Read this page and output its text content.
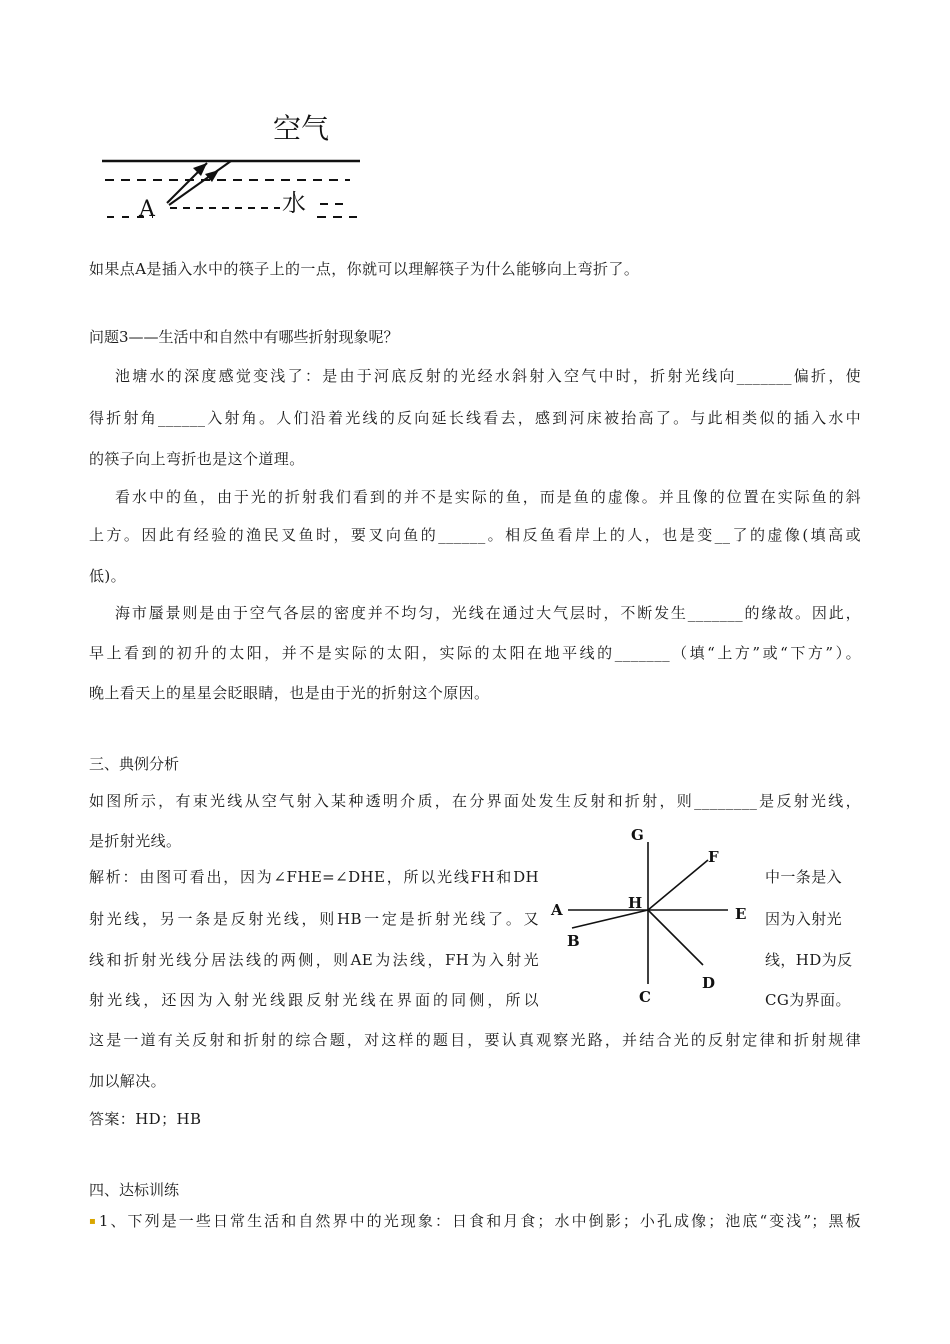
空气
A	水
如果点A是插入水中的筷子上的一点，你就可以理解筷子为什么能够向上弯折了。
问题3——生活中和自然中有哪些折射现象呢？
池塘水的深度感觉变浅了：是由于河底反射的光经水斜射入空气中时，折射光线向_______偏折，使
得折射角______入射角。人们沿着光线的反向延长线看去，感到河床被抬高了。与此相类似的插入水中
的筷子向上弯折也是这个道理。
看水中的鱼，由于光的折射我们看到的并不是实际的鱼，而是鱼的虚像。并且像的位置在实际鱼的斜
上方。因此有经验的渔民叉鱼时，要叉向鱼的______。相反鱼看岸上的人，也是变__了的虚像(填高或
低)。
海市蜃景则是由于空气各层的密度并不均匀，光线在通过大气层时，不断发生_______的缘故。因此，
早上看到的初升的太阳，并不是实际的太阳，实际的太阳在地平线的_______（填“上方”或“下方”）。
晚上看天上的星星会眨眼睛，也是由于光的折射这个原因。
三、典例分析
如图所示，有束光线从空气射入某种透明介质，在分界面处发生反射和折射，则________是反射光线，
是折射光线。
解析：由图可看出，因为∠FHE=∠DHE，所以光线FH和DH	中一条是入
射光线，另一条是反射光线，则HB一定是折射光线了。又	因为入射光
线和折射光线分居法线的两侧，则AE为法线，FH为入射光	线，HD为反
射光线，还因为入射光线跟反射光线在界面的同侧，所以	CG为界面。
G
F
H
A	E
B
D
C
这是一道有关反射和折射的综合题，对这样的题目，要认真观察光路，并结合光的反射定律和折射规律
加以解决。
答案：HD；HB
四、达标训练
▪1、下列是一些日常生活和自然界中的光现象：日食和月食；水中倒影；小孔成像；池底“变浅”；黑板
